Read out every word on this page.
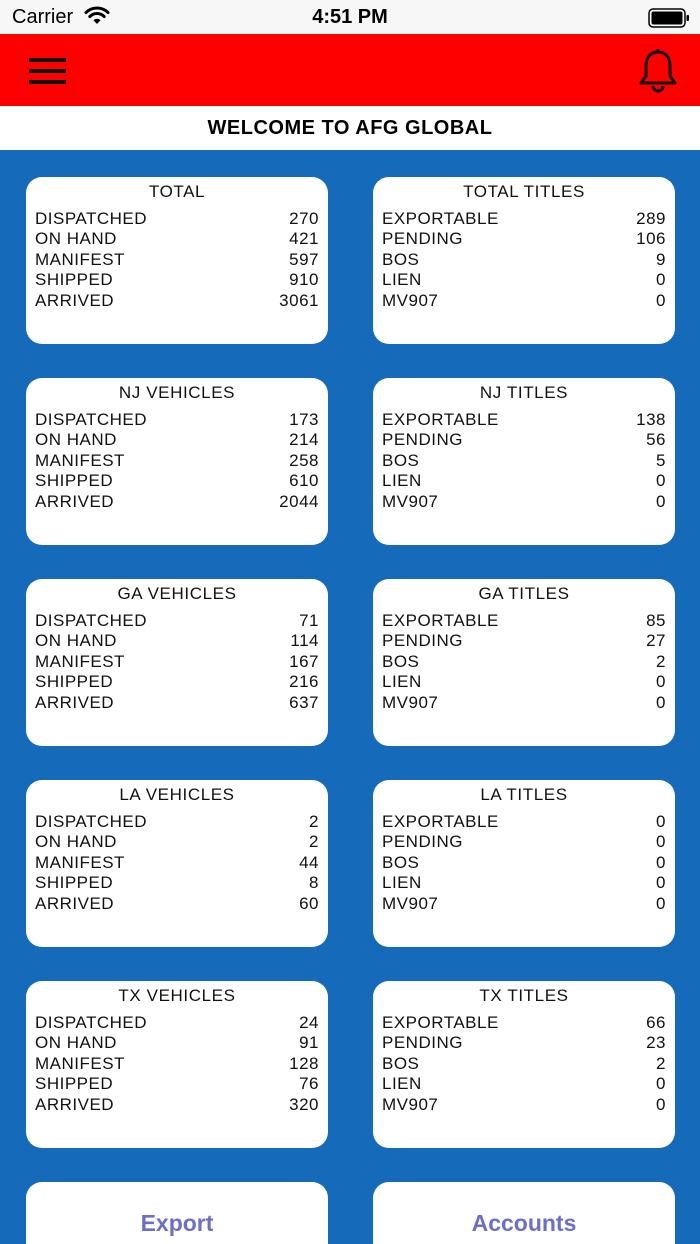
Carrier	4:51 PM
WELCOME TO AFG GLOBAL
TOTAL
DISPATCHED	270
ON HAND	421
MANIFEST	597
SHIPPED	910
ARRIVED	3061
TOTAL TITLES
EXPORTABLE	289
PENDING	106
BOS	9
LIEN	0
MV907	0
NJ VEHICLES
DISPATCHED	173
ON HAND	214
MANIFEST	258
SHIPPED	610
ARRIVED	2044
NJ TITLES
EXPORTABLE	138
PENDING	56
BOS	5
LIEN	0
MV907	0
GA VEHICLES
DISPATCHED	71
ON HAND	114
MANIFEST	167
SHIPPED	216
ARRIVED	637
GA TITLES
EXPORTABLE	85
PENDING	27
BOS	2
LIEN	0
MV907	0
LA VEHICLES
DISPATCHED	2
ON HAND	2
MANIFEST	44
SHIPPED	8
ARRIVED	60
LA TITLES
EXPORTABLE	0
PENDING	0
BOS	0
LIEN	0
MV907	0
TX VEHICLES
DISPATCHED	24
ON HAND	91
MANIFEST	128
SHIPPED	76
ARRIVED	320
TX TITLES
EXPORTABLE	66
PENDING	23
BOS	2
LIEN	0
MV907	0
Export	Accounts
